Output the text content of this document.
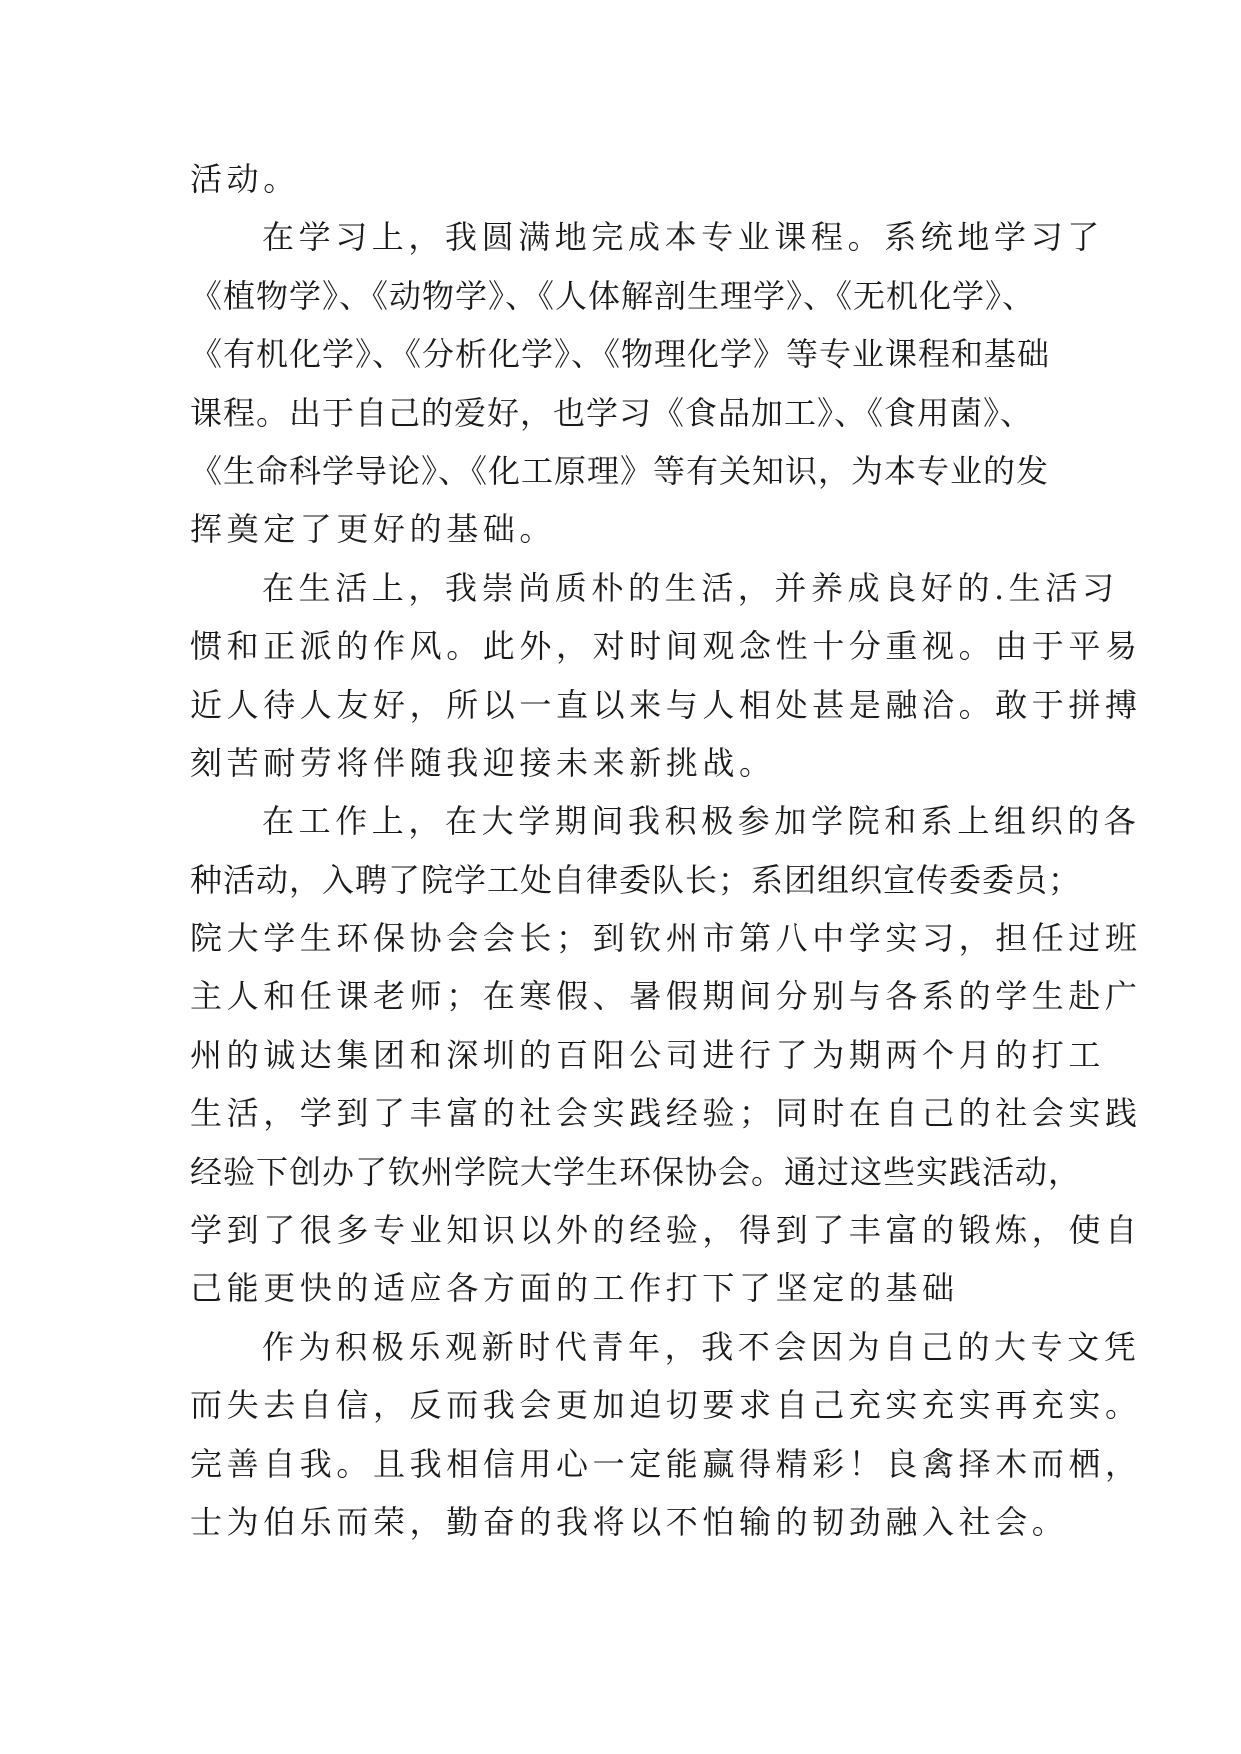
活动。
在学习上，我圆满地完成本专业课程。系统地学习了
《植物学》、《动物学》、《人体解剖生理学》、《无机化学》、
《有机化学》、《分析化学》、《物理化学》等专业课程和基础
课程。出于自己的爱好，也学习《食品加工》、《食用菌》、
《生命科学导论》、《化工原理》等有关知识，为本专业的发
挥奠定了更好的基础。
在生活上，我崇尚质朴的生活，并养成良好的.生活习
惯和正派的作风。此外，对时间观念性十分重视。由于平易
近人待人友好，所以一直以来与人相处甚是融洽。敢于拼搏
刻苦耐劳将伴随我迎接未来新挑战。
在工作上，在大学期间我积极参加学院和系上组织的各
种活动，入聘了院学工处自律委队长；系团组织宣传委委员；
院大学生环保协会会长；到钦州市第八中学实习，担任过班
主人和任课老师；在寒假、暑假期间分别与各系的学生赴广
州的诚达集团和深圳的百阳公司进行了为期两个月的打工
生活，学到了丰富的社会实践经验；同时在自己的社会实践
经验下创办了钦州学院大学生环保协会。通过这些实践活动，
学到了很多专业知识以外的经验，得到了丰富的锻炼，使自
己能更快的适应各方面的工作打下了坚定的基础
作为积极乐观新时代青年，我不会因为自己的大专文凭
而失去自信，反而我会更加迫切要求自己充实充实再充实。
完善自我。且我相信用心一定能赢得精彩！良禽择木而栖，
士为伯乐而荣，勤奋的我将以不怕输的韧劲融入社会。
